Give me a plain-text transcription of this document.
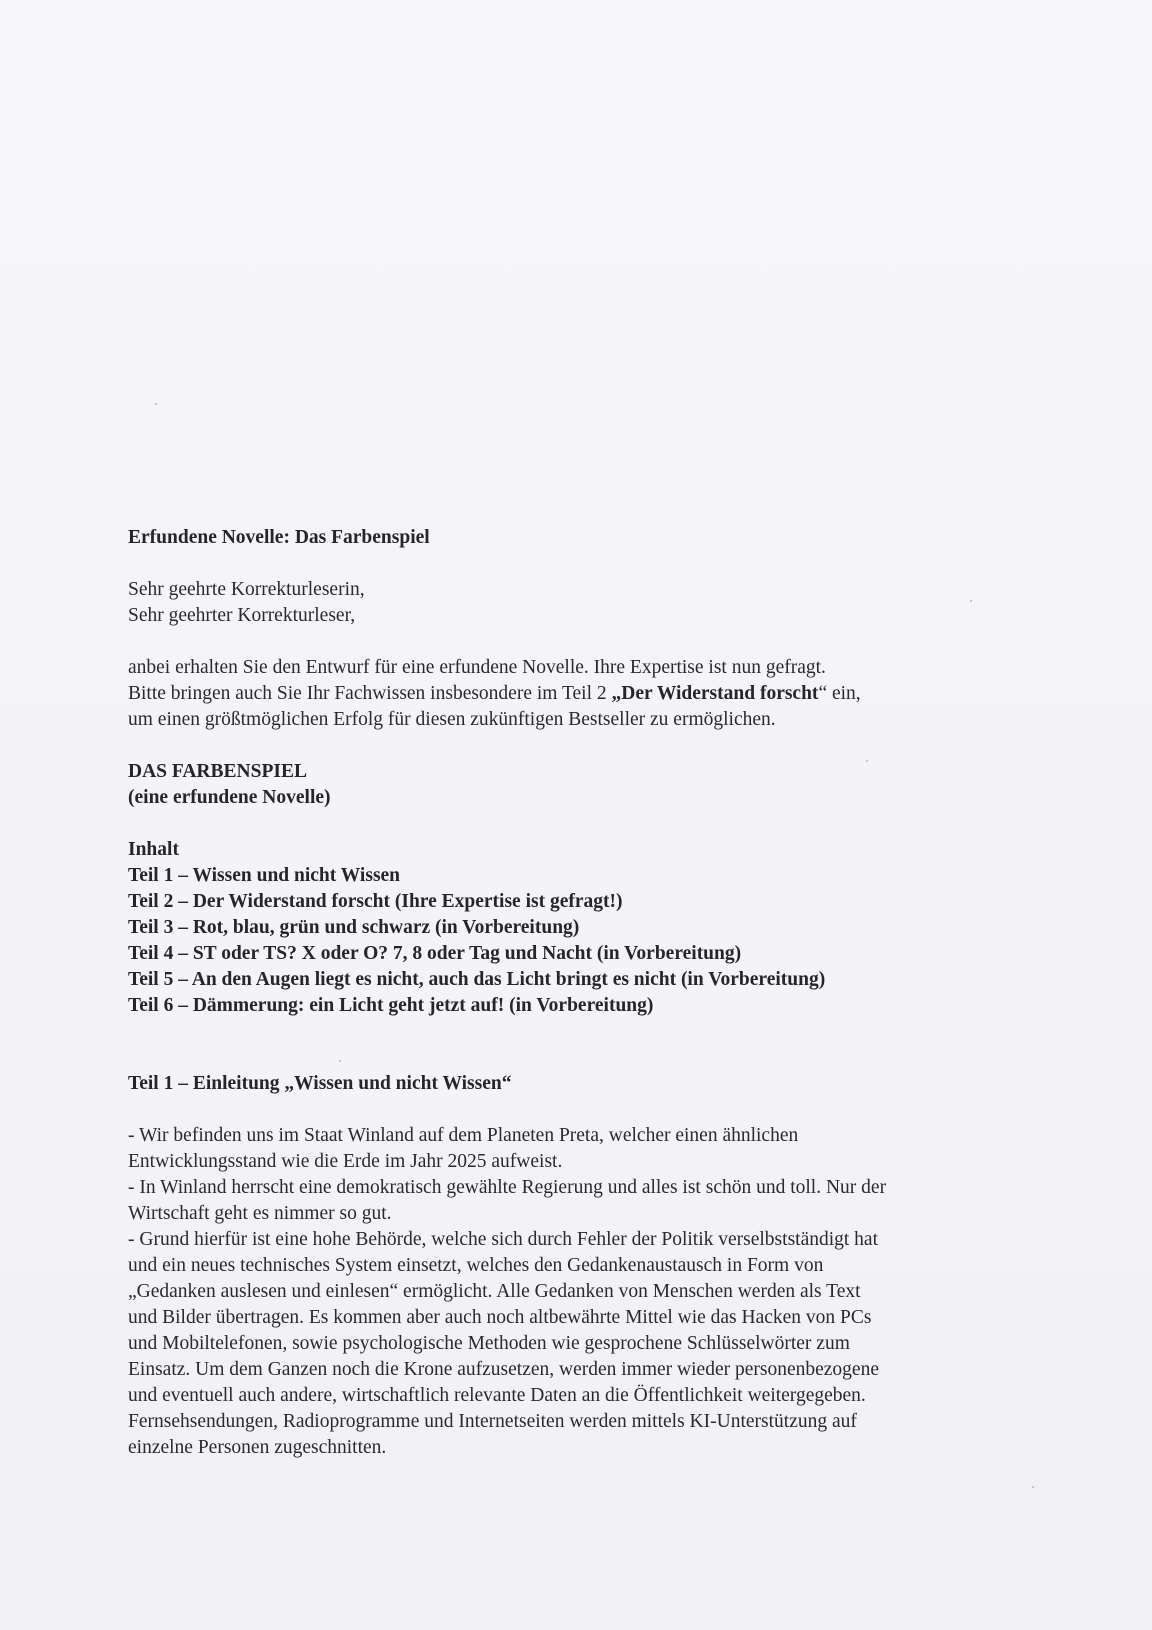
Erfundene Novelle: Das Farbenspiel
Sehr geehrte Korrekturleserin,
Sehr geehrter Korrekturleser,
anbei erhalten Sie den Entwurf für eine erfundene Novelle. Ihre Expertise ist nun gefragt.
Bitte bringen auch Sie Ihr Fachwissen insbesondere im Teil 2 „Der Widerstand forscht“ ein,
um einen größtmöglichen Erfolg für diesen zukünftigen Bestseller zu ermöglichen.
DAS FARBENSPIEL
(eine erfundene Novelle)
Inhalt
Teil 1 – Wissen und nicht Wissen
Teil 2 – Der Widerstand forscht (Ihre Expertise ist gefragt!)
Teil 3 – Rot, blau, grün und schwarz (in Vorbereitung)
Teil 4 – ST oder TS? X oder O? 7, 8 oder Tag und Nacht (in Vorbereitung)
Teil 5 – An den Augen liegt es nicht, auch das Licht bringt es nicht (in Vorbereitung)
Teil 6 – Dämmerung: ein Licht geht jetzt auf! (in Vorbereitung)
Teil 1 – Einleitung „Wissen und nicht Wissen“
- Wir befinden uns im Staat Winland auf dem Planeten Preta, welcher einen ähnlichen
Entwicklungsstand wie die Erde im Jahr 2025 aufweist.
- In Winland herrscht eine demokratisch gewählte Regierung und alles ist schön und toll. Nur der
Wirtschaft geht es nimmer so gut.
- Grund hierfür ist eine hohe Behörde, welche sich durch Fehler der Politik verselbstständigt hat
und ein neues technisches System einsetzt, welches den Gedankenaustausch in Form von
„Gedanken auslesen und einlesen“ ermöglicht. Alle Gedanken von Menschen werden als Text
und Bilder übertragen. Es kommen aber auch noch altbewährte Mittel wie das Hacken von PCs
und Mobiltelefonen, sowie psychologische Methoden wie gesprochene Schlüsselwörter zum
Einsatz. Um dem Ganzen noch die Krone aufzusetzen, werden immer wieder personenbezogene
und eventuell auch andere, wirtschaftlich relevante Daten an die Öffentlichkeit weitergegeben.
Fernsehsendungen, Radioprogramme und Internetseiten werden mittels KI-Unterstützung auf
einzelne Personen zugeschnitten.
